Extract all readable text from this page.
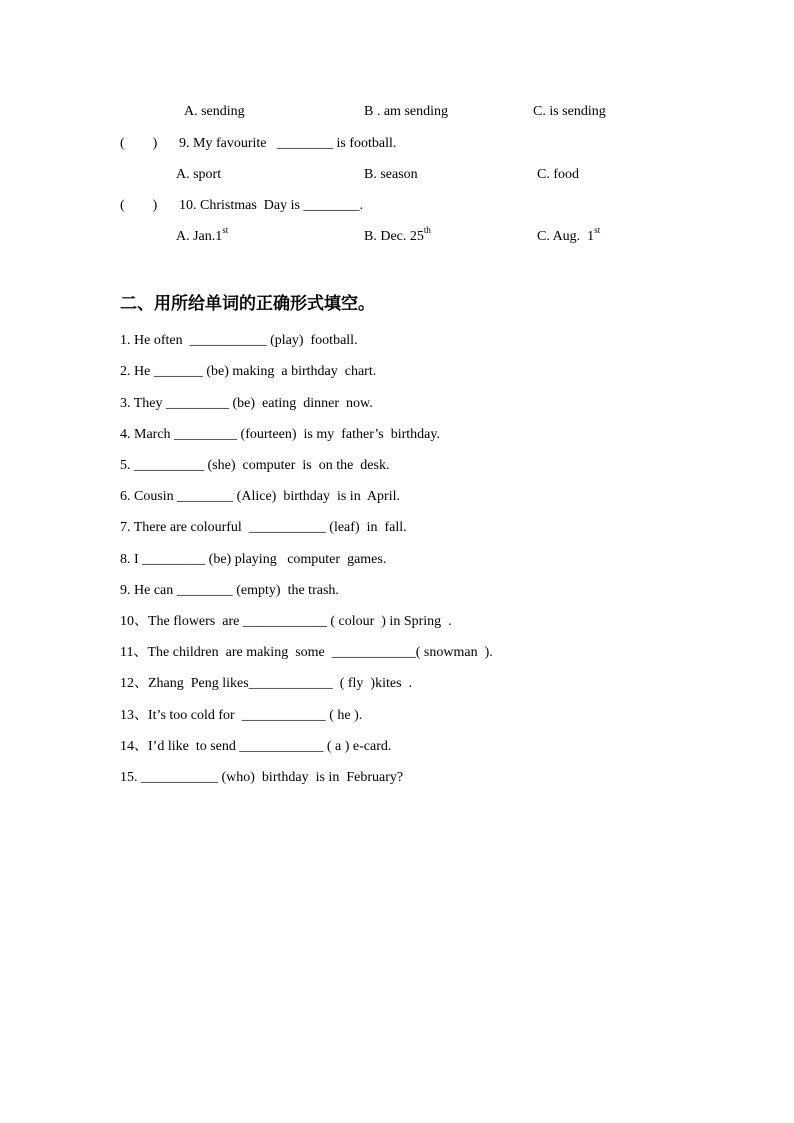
A. sending	B . am sending	C. is sending
(        ) 9. My favourite   ________ is football.
A. sport	B. season	C. food
(        ) 10. Christmas  Day is ________.
A. Jan.1st	B. Dec. 25th	C. Aug.  1st
二、用所给单词的正确形式填空。
1. He often  ___________ (play)  football.
2. He _______ (be) making  a birthday  chart.
3. They _________ (be)  eating  dinner  now.
4. March _________ (fourteen)  is my  father’s  birthday.
5. __________ (she)  computer  is  on the  desk.
6. Cousin ________ (Alice)  birthday  is in  April.
7. There are colourful  ___________ (leaf)  in  fall.
8. I _________ (be) playing   computer  games.
9. He can ________ (empty)  the trash.
10、The flowers  are ____________ ( colour  ) in Spring  .
11、The children  are making  some  ____________( snowman  ).
12、Zhang  Peng likes____________  ( fly  )kites  .
13、It’s too cold for  ____________ ( he ).
14、I’d like  to send ____________ ( a ) e-card.
15. ___________ (who)  birthday  is in  February?
